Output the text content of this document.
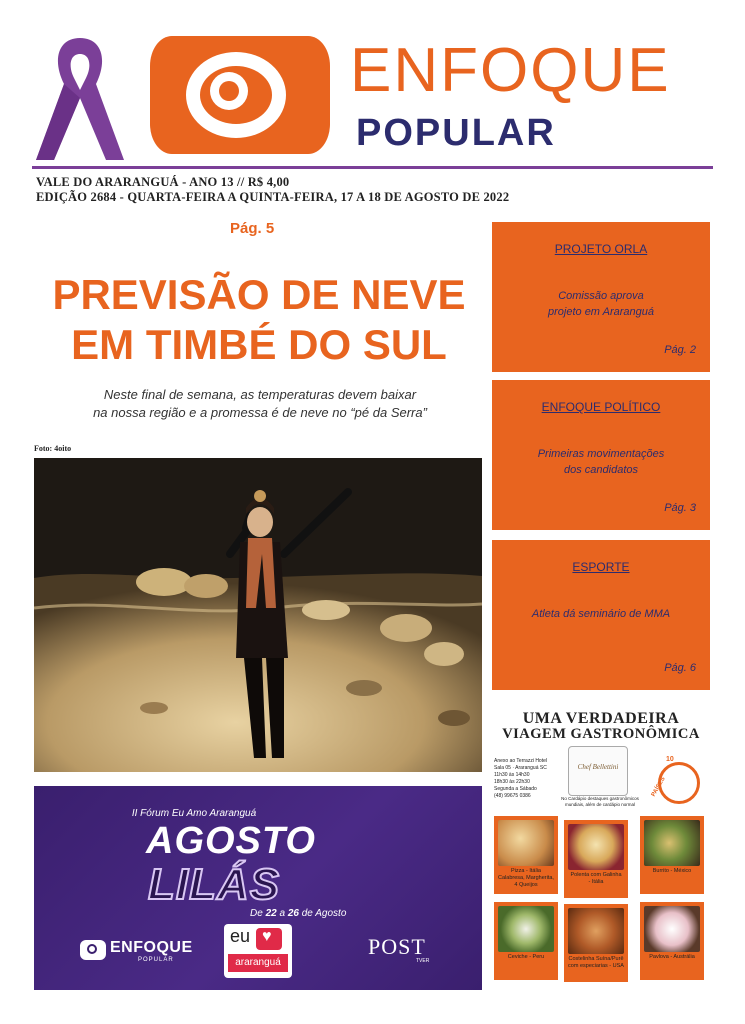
ENFOQUE
POPULAR
VALE DO ARARANGUÁ - ANO 13 // R$ 4,00
EDIÇÃO 2684 - QUARTA-FEIRA A QUINTA-FEIRA, 17 A 18 DE AGOSTO DE 2022
Pág. 5
PREVISÃO DE NEVE
EM TIMBÉ DO SUL
Neste final de semana, as temperaturas devem baixar
na nossa região e a promessa é de neve no “pé da Serra”
Foto: 4oito
II Fórum Eu Amo Araranguá
AGOSTO
LILÁS
De 22 a 26 de Agosto
ENFOQUE
POPULAR
eu
♥
araranguá
POST
TVER
PROJETO ORLA
Comissão aprova
projeto em Araranguá
Pág. 2
ENFOQUE POLÍTICO
Primeiras movimentações
dos candidatos
Pág. 3
ESPORTE
Atleta dá seminário de MMA
Pág. 6
UMA VERDADEIRA
VIAGEM GASTRONÔMICA
Chef Bellettini
Anexo ao Terrazzi Hotel
Sala 05 · Araranguá SC
11h30 às 14h30
18h30 às 22h30
Segunda a Sábado
(48) 99675 0386	No Cardápio destaques gastronômicos mundiais, além de cardápio normal
10
PAÍSES
Pizza - Itália
Calabresa, Margherita, 4 Queijos
Polenta com Galinha
- Itália
Burrito - México
Ceviche - Peru	Costelinha Suína/Purê
com especiarias - USA
Pavlova - Austrália
